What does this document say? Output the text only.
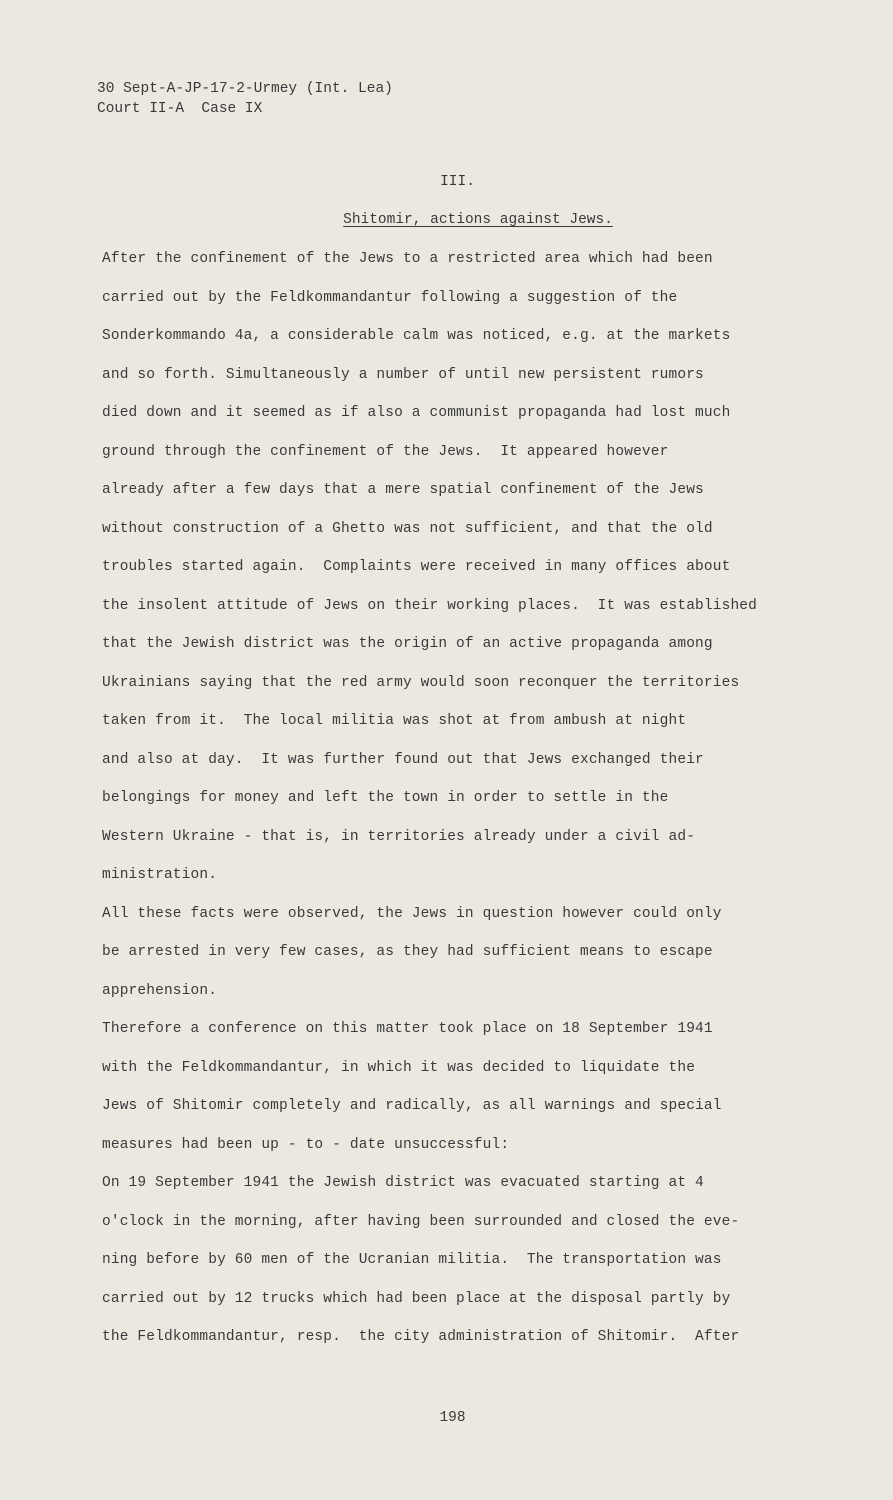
30 Sept-A-JP-17-2-Urmey (Int. Lea)
Court II-A  Case IX
III.
Shitomir, actions against Jews.
After the confinement of the Jews to a restricted area which had been
carried out by the Feldkommandantur following a suggestion of the
Sonderkommando 4a, a considerable calm was noticed, e.g. at the markets
and so forth. Simultaneously a number of until new persistent rumors
died down and it seemed as if also a communist propaganda had lost much
ground through the confinement of the Jews.  It appeared however
already after a few days that a mere spatial confinement of the Jews
without construction of a Ghetto was not sufficient, and that the old
troubles started again.  Complaints were received in many offices about
the insolent attitude of Jews on their working places.  It was established
that the Jewish district was the origin of an active propaganda among
Ukrainians saying that the red army would soon reconquer the territories
taken from it.  The local militia was shot at from ambush at night
and also at day.  It was further found out that Jews exchanged their
belongings for money and left the town in order to settle in the
Western Ukraine - that is, in territories already under a civil ad-
ministration.
All these facts were observed, the Jews in question however could only
be arrested in very few cases, as they had sufficient means to escape
apprehension.
Therefore a conference on this matter took place on 18 September 1941
with the Feldkommandantur, in which it was decided to liquidate the
Jews of Shitomir completely and radically, as all warnings and special
measures had been up - to - date unsuccessful:
On 19 September 1941 the Jewish district was evacuated starting at 4
o'clock in the morning, after having been surrounded and closed the eve-
ning before by 60 men of the Ucranian militia.  The transportation was
carried out by 12 trucks which had been place at the disposal partly by
the Feldkommandantur, resp.  the city administration of Shitomir.  After
198
